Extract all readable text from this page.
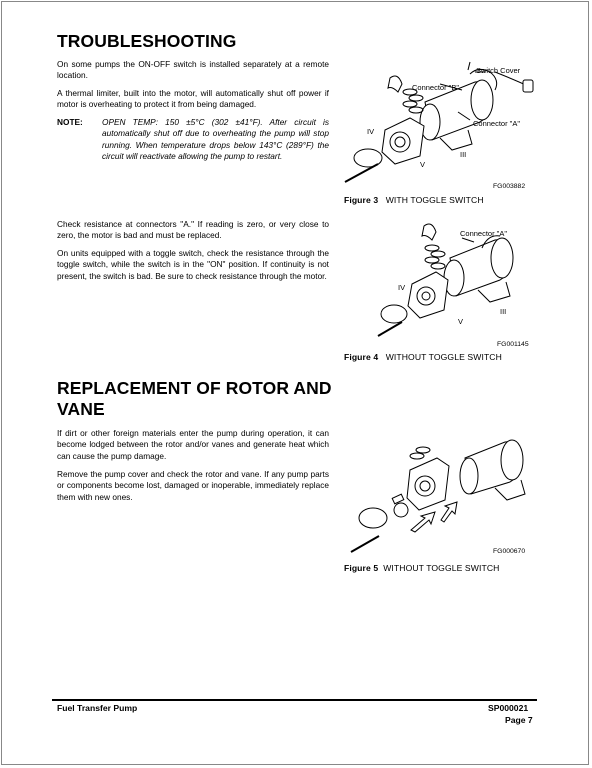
TROUBLESHOOTING

On some pumps the ON-OFF switch is installed separately at a remote location.

A thermal limiter, built into the motor, will automatically shut off power if motor is overheating to protect it from being damaged.

NOTE: OPEN TEMP: 150 ±5°C (302 ±41°F). After circuit is automatically shut off due to overheating the pump will stop running. When temperature drops below 143°C (289°F) the circuit will reactivate allowing the pump to restart.

Check resistance at connectors "A." If reading is zero, or very close to zero, the motor is bad and must be replaced.

On units equipped with a toggle switch, check the resistance through the toggle switch, while the switch is in the "ON" position. If continuity is not present, the switch is bad. Be sure to check resistance through the motor.

REPLACEMENT OF ROTOR AND VANE

If dirt or other foreign materials enter the pump during operation, it can become lodged between the rotor and/or vanes and generate heat which can cause the pump damage.

Remove the pump cover and check the rotor and vane. If any pump parts or components become lost, damaged or inoperable, immediately replace them with new ones.

Switch Cover
Connector "B"
Connector "A"
IV
V
III
FG003882
Figure 3 WITH TOGGLE SWITCH
Connector "A"
IV
V
III
FG001145
Figure 4 WITHOUT TOGGLE SWITCH
FG000670
Figure 5 WITHOUT TOGGLE SWITCH
Fuel Transfer Pump	SP000021
Page 7
